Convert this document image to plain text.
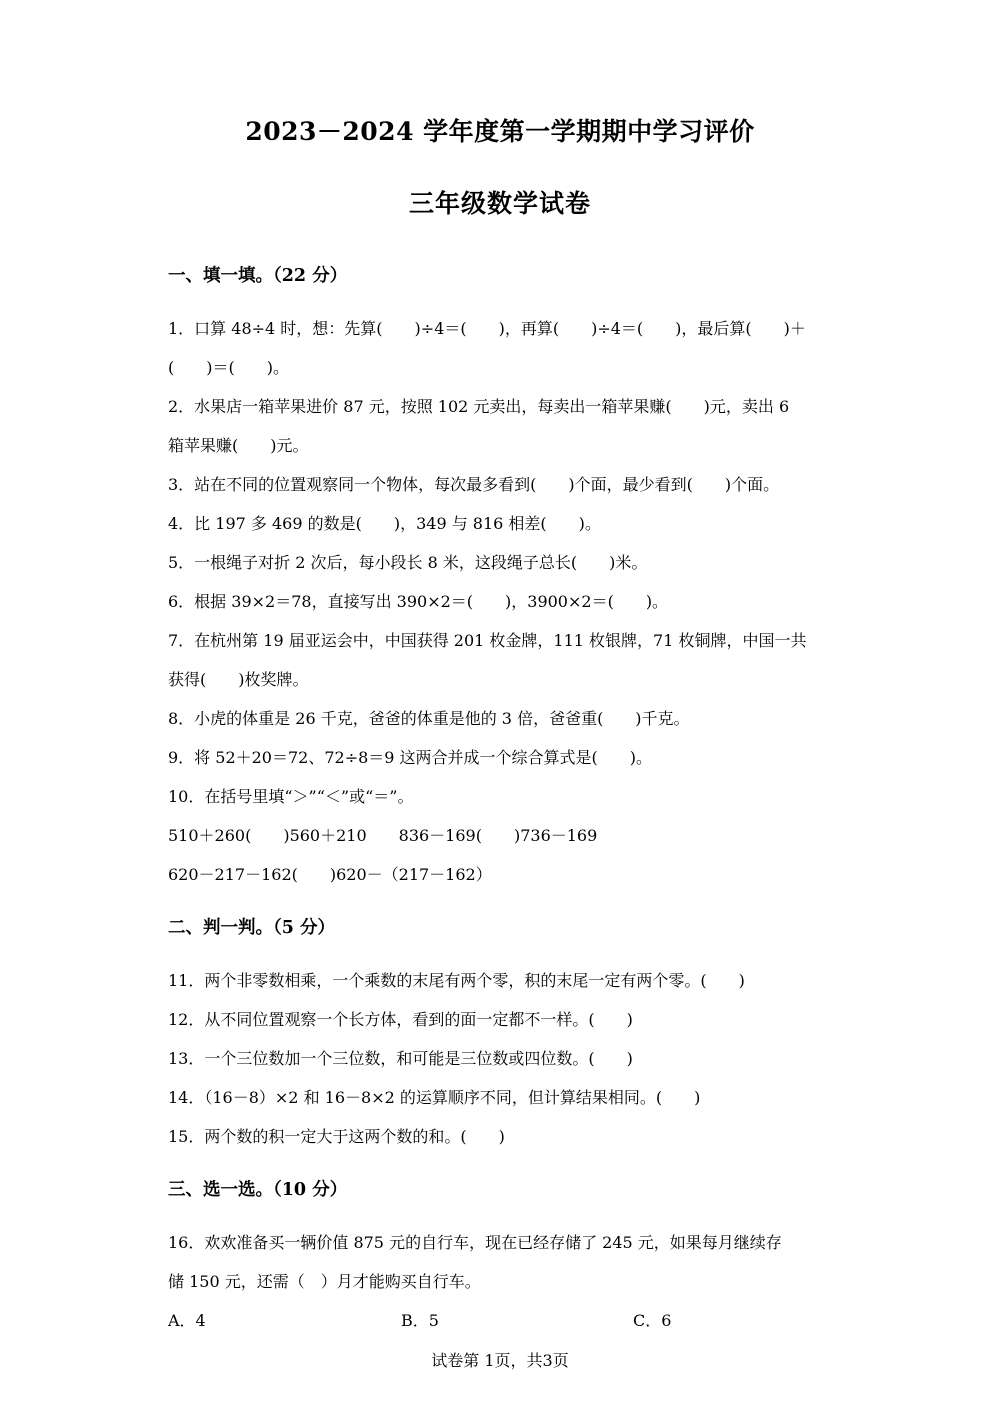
2023－2024 学年度第一学期期中学习评价
三年级数学试卷
一、填一填。（22 分）
1．口算 48÷4 时，想：先算(　　)÷4＝(　　)，再算(　　)÷4＝(　　)，最后算(　　)＋
(　　)＝(　　)。
2．水果店一箱苹果进价 87 元，按照 102 元卖出，每卖出一箱苹果赚(　　)元，卖出 6
箱苹果赚(　　)元。
3．站在不同的位置观察同一个物体，每次最多看到(　　)个面，最少看到(　　)个面。
4．比 197 多 469 的数是(　　)，349 与 816 相差(　　)。
5．一根绳子对折 2 次后，每小段长 8 米，这段绳子总长(　　)米。
6．根据 39×2＝78，直接写出 390×2＝(　　)，3900×2＝(　　)。
7．在杭州第 19 届亚运会中，中国获得 201 枚金牌，111 枚银牌，71 枚铜牌，中国一共
获得(　　)枚奖牌。
8．小虎的体重是 26 千克，爸爸的体重是他的 3 倍，爸爸重(　　)千克。
9．将 52＋20＝72、72÷8＝9 这两合并成一个综合算式是(　　)。
10．在括号里填“＞”“＜”或“＝”。
510＋260(　　)560＋210　　836－169(　　)736－169
620－217－162(　　)620－（217－162）
二、判一判。（5 分）
11．两个非零数相乘，一个乘数的末尾有两个零，积的末尾一定有两个零。(　　)
12．从不同位置观察一个长方体，看到的面一定都不一样。(　　)
13．一个三位数加一个三位数，和可能是三位数或四位数。(　　)
14．（16－8）×2 和 16－8×2 的运算顺序不同，但计算结果相同。(　　)
15．两个数的积一定大于这两个数的和。(　　)
三、选一选。（10 分）
16．欢欢准备买一辆价值 875 元的自行车，现在已经存储了 245 元，如果每月继续存
储 150 元，还需（　）月才能购买自行车。
A．4	B．5	C．6
试卷第 1页，共3页
